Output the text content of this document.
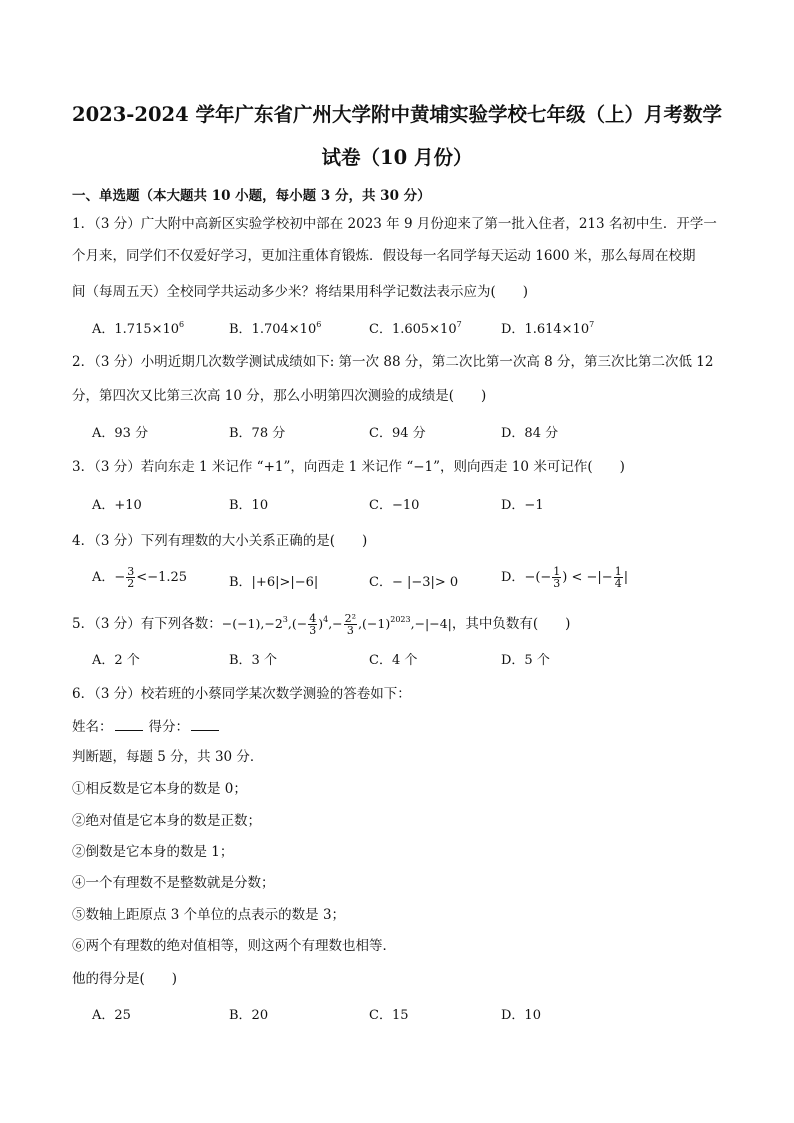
2023-2024 学年广东省广州大学附中黄埔实验学校七年级（上）月考数学
试卷（10 月份）
一、单选题（本大题共 10 小题，每小题 3 分，共 30 分）
1．（3 分）广大附中高新区实验学校初中部在 2023 年 9 月份迎来了第一批入住者，213 名初中生．开学一
个月来，同学们不仅爱好学习，更加注重体育锻炼．假设每一名同学每天运动 1600 米，那么每周在校期
间（每周五天）全校同学共运动多少米？将结果用科学记数法表示应为(　　)
A．$1.715\times 10^6$	B．$1.704\times 10^6$	C．$1.605\times 10^7$	D．$1.614\times 10^7$
2．（3 分）小明近期几次数学测试成绩如下: 第一次 88 分，第二次比第一次高 8 分，第三次比第二次低 12
分，第四次又比第三次高 10 分，那么小明第四次测验的成绩是(　　)
A．93 分	B．78 分	C．94 分	D．84 分
3．（3 分）若向东走 1 米记作 “+1”，向西走 1 米记作 “−1”，则向西走 10 米可记作(　　)
A．+10	B．10	C．−10	D．−1
4．（3 分）下列有理数的大小关系正确的是(　　)
A．− $\frac{3}{2} <-1.25$	B．|+6|>|−6|	C．− |−3|> 0	D．−(− $\frac{1}{3}$ ) < −|− $\frac{1}{4}$ |
5．（3 分）有下列各数：$-(-1),-2^3,(- \frac{4}{3} )^4,- \frac{\text{2²}}{3} ,(-1)^{2023},-|-4|$，其中负数有(　　)
A．2 个	B．3 个	C．4 个	D．5 个
6．（3 分）校若班的小蔡同学某次数学测验的答卷如下：
姓名：	得分：
判断题，每题 5 分，共 30 分．
①相反数是它本身的数是 0；
②绝对值是它本身的数是正数；
②倒数是它本身的数是 1；
④一个有理数不是整数就是分数；
⑤数轴上距原点 3 个单位的点表示的数是 3；
⑥两个有理数的绝对值相等，则这两个有理数也相等．
他的得分是(　　)
A．25	B．20	C．15	D．10
